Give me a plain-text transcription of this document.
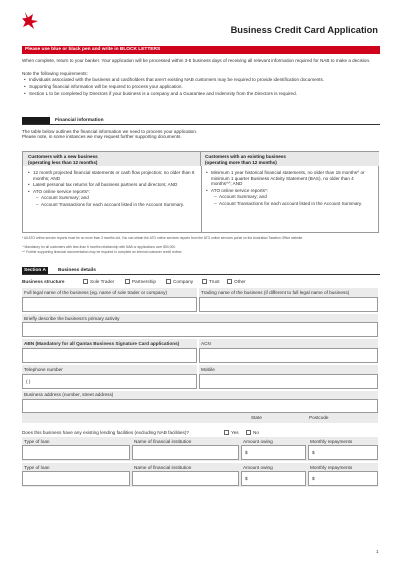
Business Credit Card Application
Please use blue or black pen and write in BLOCK LETTERS
When complete, return to your banker. Your application will be processed within 3-5 business days of receiving all relevant information required for NAB to make a decision.
Note the following requirements:
• Individuals associated with the business and cardholders that aren't existing NAB customers may be required to provide identification documents.
• Supporting financial information will be required to process your application.
• Section L to be completed by Directors if your business is a company and a Guarantee and Indemnity from the Directors is required.
Financial information
The table below outlines the financial information we need to process your application.
Please note, in some instances we may request further supporting documents.
Customers with a new business
(operating less than 12 months)
Customers with an existing business
(operating more than 12 months)
• 12 month projected financial statements or cash flow projection; no older than 6 months; AND
• Latest personal tax returns for all business partners and directors; AND
• ATO online service reports*:
– Account Summary; and
– Account Transactions for each account listed in the Account Summary.
• Minimum 1 year historical financial statements, no older than 18 months^ or minimum 1 quarter Business Activity Statement (BAS), no older than 4 months^^; AND
• ATO online service reports*:
– Account Summary; and
– Account Transactions for each account listed in the Account Summary.
* All ATO online service reports must be no more than 3 months old. You can obtain the ATO online services reports from the ATO online services portal on the Australian Taxation Office website.
^ Mandatory for all customers with less than 6 months relationship with NAB or applications over $50,000.
^^ Further supporting financial documentation may be required to complete an internal customer credit review.
Section A	Business details
Business structure	Sole Trader	Partnership	Company	Trust	Other
Full legal name of the business (eg. name of sole trader or company)	Trading name of the business (if different to full legal name of business)
Briefly describe the business's primary activity
ABN (Mandatory for all Qantas Business Signature Card applications)	ACN
Telephone number	Mobile
( )
Business address (number, street address)
State	Postcode
Does this business have any existing lending facilities (excluding NAB facilities)?	Yes	No
Type of loan	Name of financial institution	Amount owing	Monthly repayments
$	$
Type of loan	Name of financial institution	Amount owing	Monthly repayments
$	$
1
